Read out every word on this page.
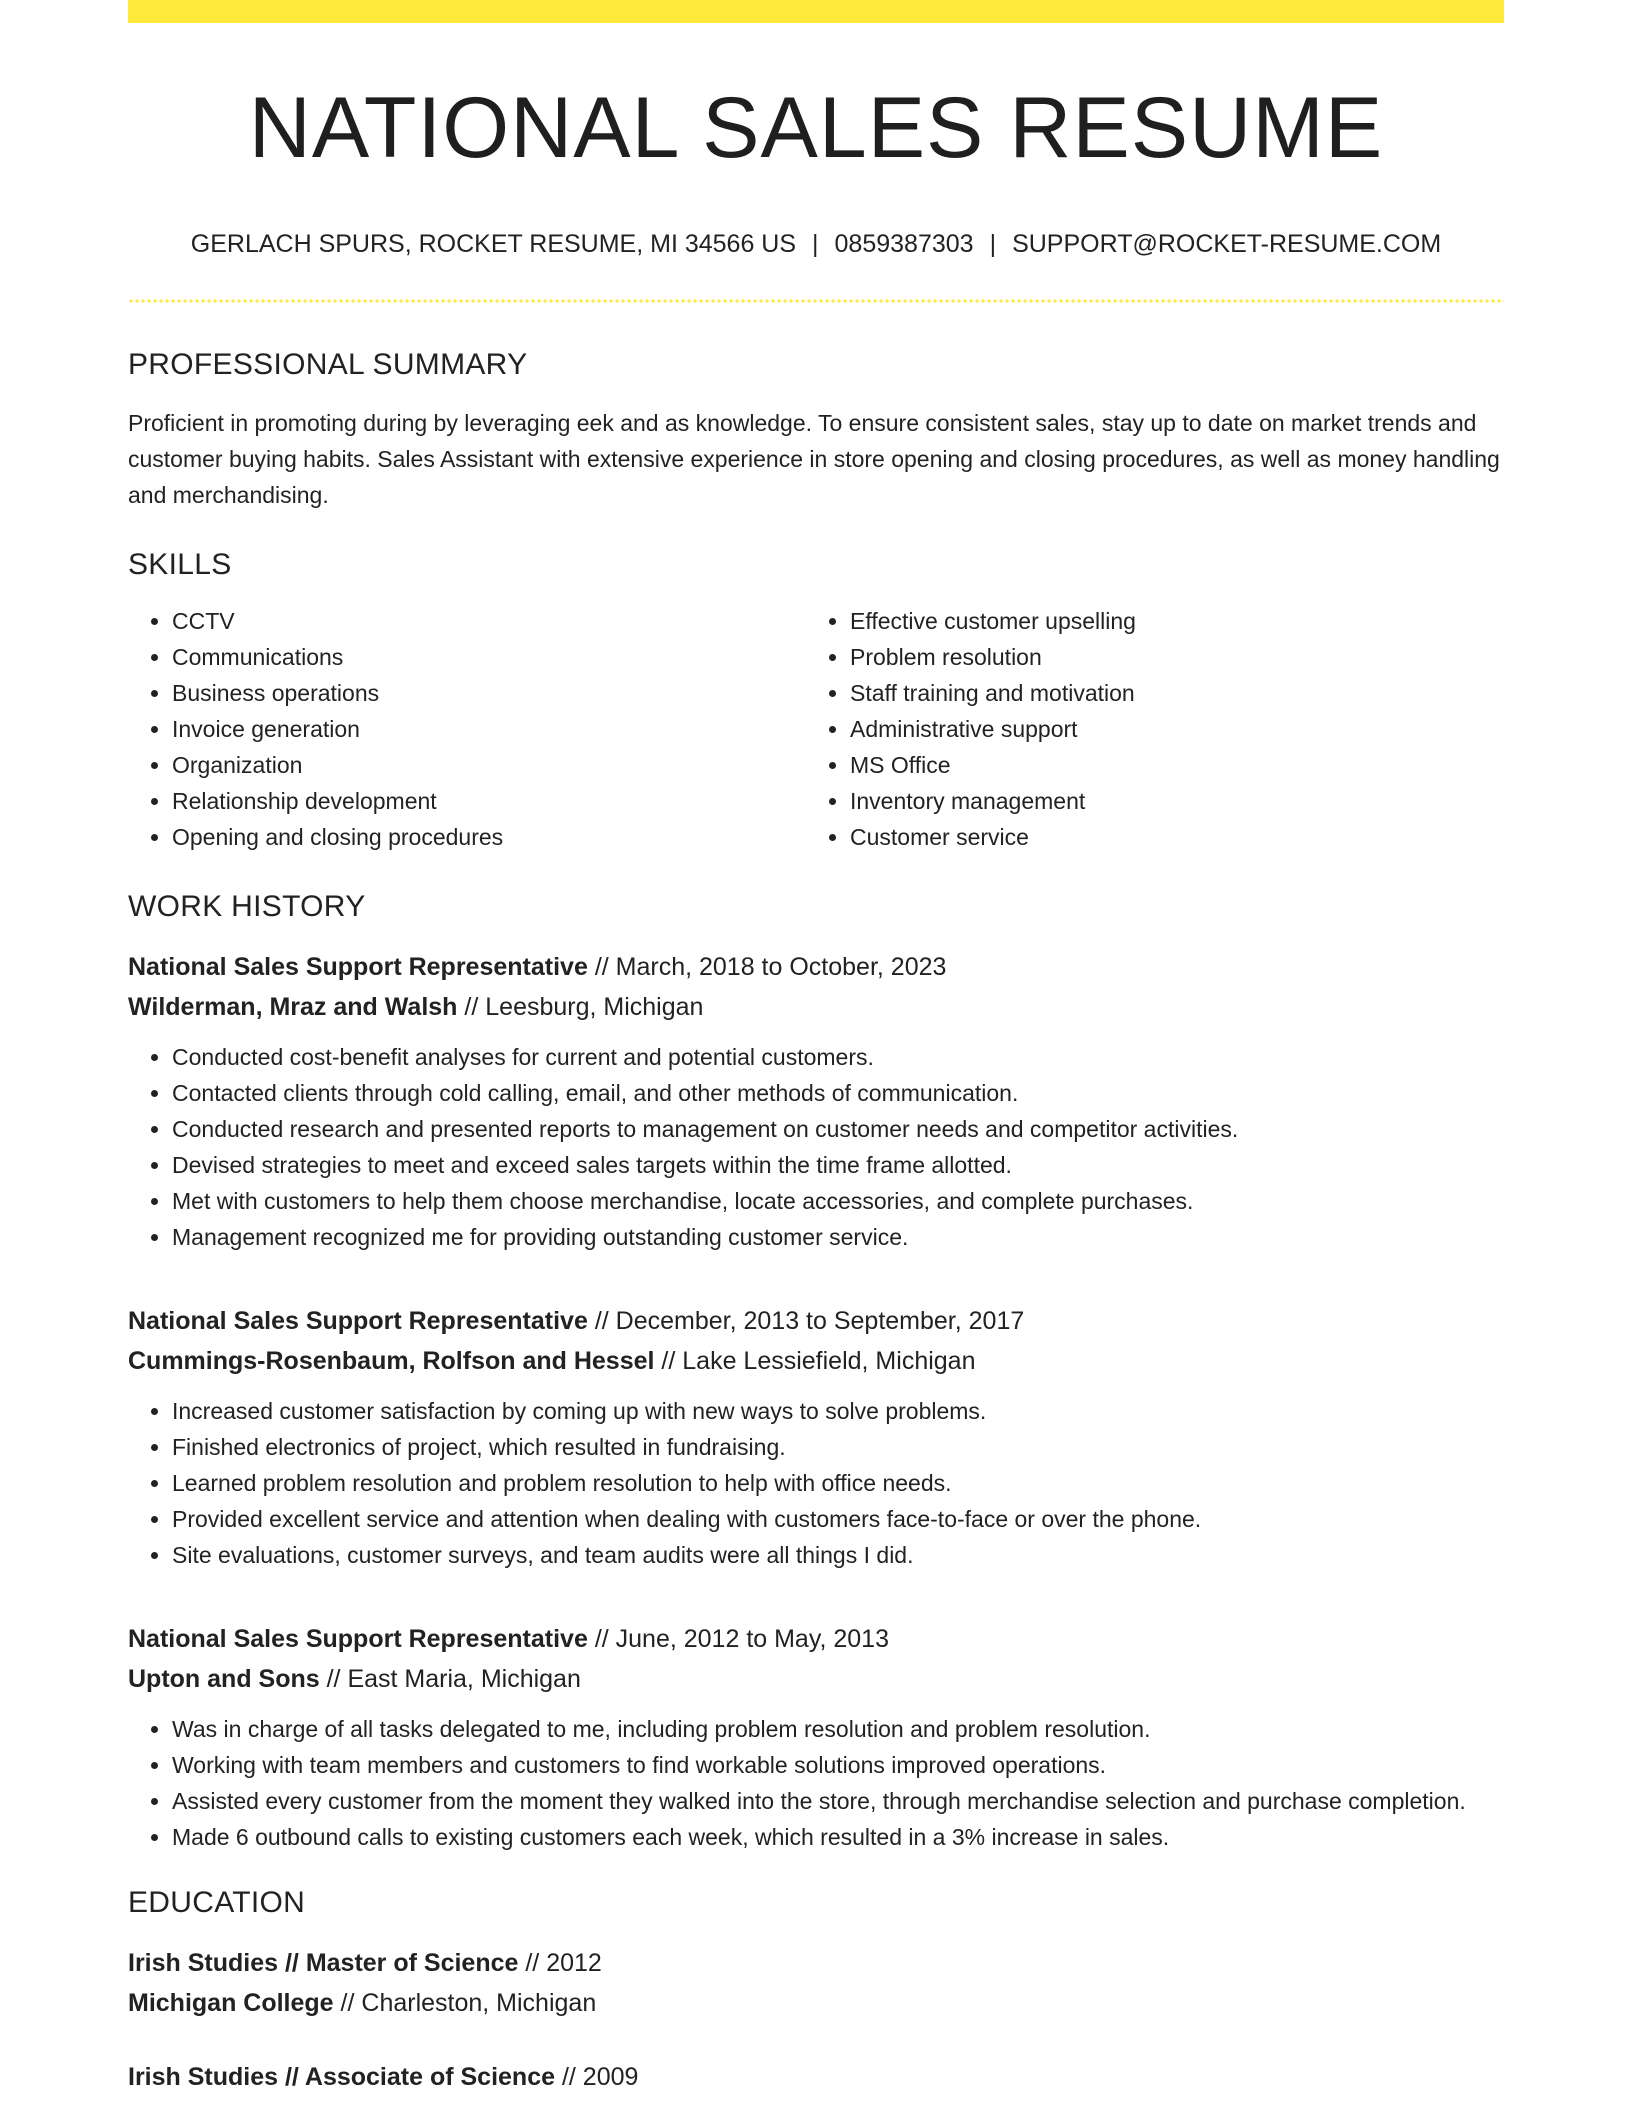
NATIONAL SALES RESUME
GERLACH SPURS, ROCKET RESUME, MI 34566 US | 0859387303 | SUPPORT@ROCKET-RESUME.COM
PROFESSIONAL SUMMARY
Proficient in promoting during by leveraging eek and as knowledge. To ensure consistent sales, stay up to date on market trends and customer buying habits. Sales Assistant with extensive experience in store opening and closing procedures, as well as money handling and merchandising.
SKILLS
• CCTV
• Communications
• Business operations
• Invoice generation
• Organization
• Relationship development
• Opening and closing procedures
• Effective customer upselling
• Problem resolution
• Staff training and motivation
• Administrative support
• MS Office
• Inventory management
• Customer service
WORK HISTORY
National Sales Support Representative // March, 2018 to October, 2023
Wilderman, Mraz and Walsh // Leesburg, Michigan
• Conducted cost-benefit analyses for current and potential customers.
• Contacted clients through cold calling, email, and other methods of communication.
• Conducted research and presented reports to management on customer needs and competitor activities.
• Devised strategies to meet and exceed sales targets within the time frame allotted.
• Met with customers to help them choose merchandise, locate accessories, and complete purchases.
• Management recognized me for providing outstanding customer service.
National Sales Support Representative // December, 2013 to September, 2017
Cummings-Rosenbaum, Rolfson and Hessel // Lake Lessiefield, Michigan
• Increased customer satisfaction by coming up with new ways to solve problems.
• Finished electronics of project, which resulted in fundraising.
• Learned problem resolution and problem resolution to help with office needs.
• Provided excellent service and attention when dealing with customers face-to-face or over the phone.
• Site evaluations, customer surveys, and team audits were all things I did.
National Sales Support Representative // June, 2012 to May, 2013
Upton and Sons // East Maria, Michigan
• Was in charge of all tasks delegated to me, including problem resolution and problem resolution.
• Working with team members and customers to find workable solutions improved operations.
• Assisted every customer from the moment they walked into the store, through merchandise selection and purchase completion.
• Made 6 outbound calls to existing customers each week, which resulted in a 3% increase in sales.
EDUCATION
Irish Studies // Master of Science // 2012
Michigan College // Charleston, Michigan
Irish Studies // Associate of Science // 2009
